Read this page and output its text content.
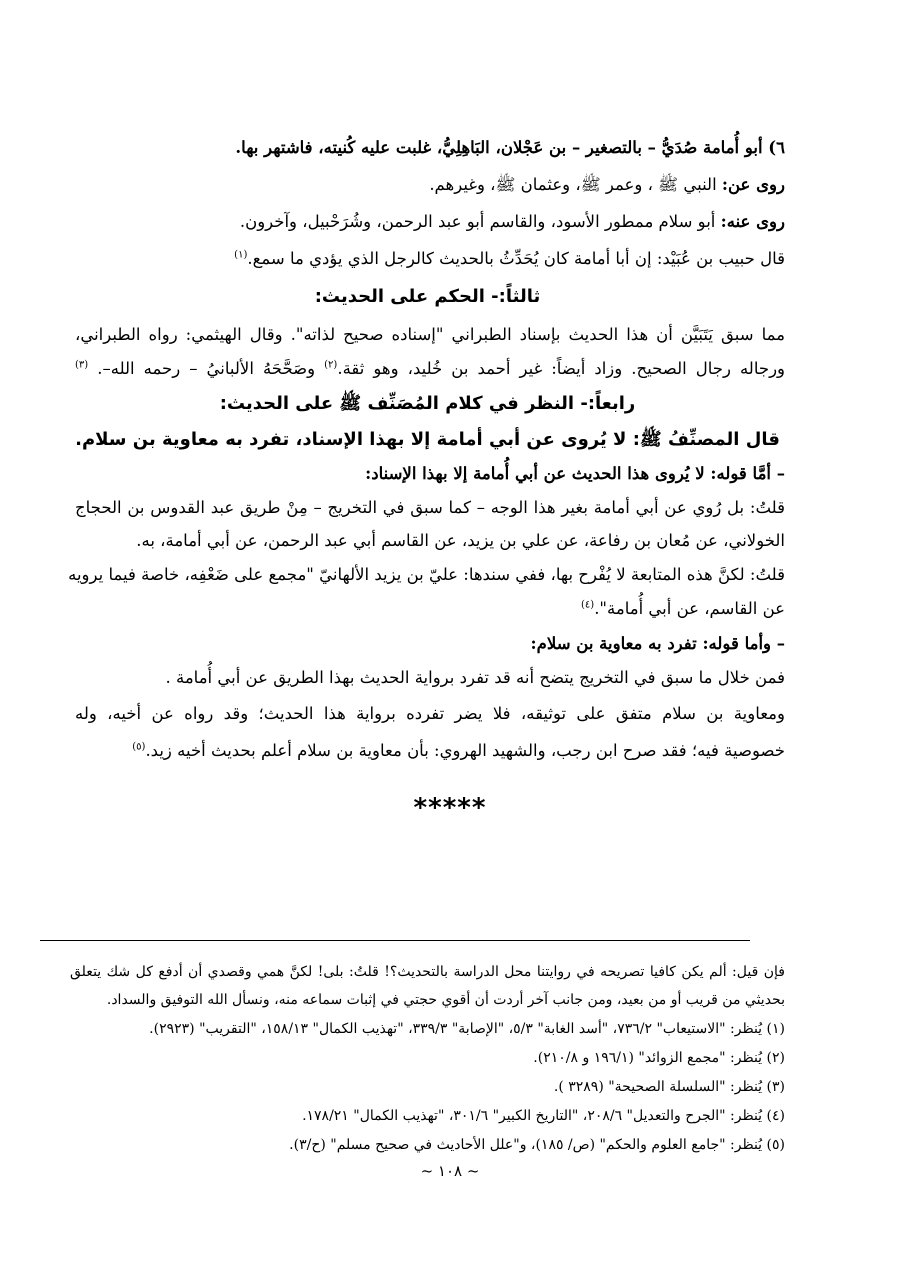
٦) أبو أُمامة صُدَيُّ – بالتصغير – بن عَجْلان، البَاهِلِيُّ، غلبت عليه كُنيته، فاشتهر بها.
روى عن: النبي ﷺ ، وعمر ﷺ، وعثمان ﷺ، وغيرهم.
روى عنه: أبو سلام ممطور الأسود، والقاسم أبو عبد الرحمن، وشُرَحْبيل، وآخرون.
قال حبيب بن عُبَيْد: إن أبا أمامة كان يُحَدِّثُ بالحديث كالرجل الذي يؤدي ما سمع.$^{(١)}$
ثالثاً:- الحكم على الحديث:
مما سبق يَتَبَيَّن أن هذا الحديث بإسناد الطبراني "إسناده صحيح لذاته". وقال الهيثمي: رواه الطبراني،
ورجاله رجال الصحيح. وزاد أيضاً: غير أحمد بن خُليد، وهو ثقة.$^{(٢)}$ وصَحَّحَهُ الألبانيُ – رحمه الله–. $^{(٣)}$
رابعاً:- النظر في كلام المُصَنِّف ﷺ على الحديث:
قال المصنِّفُ ﷺ: لا يُروى عن أبي أمامة إلا بهذا الإسناد، تفرد به معاوية بن سلام.
– أمَّا قوله: لا يُروى هذا الحديث عن أبي أُمامة إلا بهذا الإسناد:
قلتُ: بل رُوي عن أبي أمامة بغير هذا الوجه – كما سبق في التخريج – مِنْ طريق عبد القدوس بن الحجاج
الخولاني، عن مُعان بن رفاعة، عن علي بن يزيد، عن القاسم أبي عبد الرحمن، عن أبي أمامة، به.
قلتُ: لكنَّ هذه المتابعة لا يُفْرح بها، ففي سندها: عليّ بن يزيد الألهانيّ "مجمع على ضَعْفِه، خاصة فيما يرويه
عن القاسم، عن أبي أُمامة".$^{(٤)}$
– وأما قوله: تفرد به معاوية بن سلام:
فمن خلال ما سبق في التخريج يتضح أنه قد تفرد برواية الحديث بهذا الطريق عن أبي أُمامة .
ومعاوية بن سلام متفق على توثيقه، فلا يضر تفرده برواية هذا الحديث؛ وقد رواه عن أخيه، وله
خصوصية فيه؛ فقد صرح ابن رجب، والشهيد الهروي: بأن معاوية بن سلام أعلم بحديث أخيه زيد.$^{(٥)}$
*****
فإن قيل: ألم يكن كافيا تصريحه في روايتنا محل الدراسة بالتحديث؟! قلتُ: بلى! لكنَّ همي وقصدي أن أدفع كل شك يتعلق
بحديثي من قريب أو من بعيد، ومن جانب آخر أردت أن أقوي حجتي في إثبات سماعه منه، ونسأل الله التوفيق والسداد.
(١) يُنظر: "الاستيعاب" ٧٣٦/٢، "أسد الغابة" ٥/٣، "الإصابة" ٣٣٩/٣، "تهذيب الكمال" ١٥٨/١٣، "التقريب" (٢٩٢٣).
(٢) يُنظر: "مجمع الزوائد" (١٩٦/١ و ٢١٠/٨).
(٣) يُنظر: "السلسلة الصحيحة" (٣٢٨٩ ).
(٤) يُنظر: "الجرح والتعديل" ٢٠٨/٦، "التاريخ الكبير" ٣٠١/٦، "تهذيب الكمال" ١٧٨/٢١.
(٥) يُنظر: "جامع العلوم والحكم" (ص/ ١٨٥)، و"علل الأحاديث في صحيح مسلم" (ح/٣).
~ ١٠٨ ~
